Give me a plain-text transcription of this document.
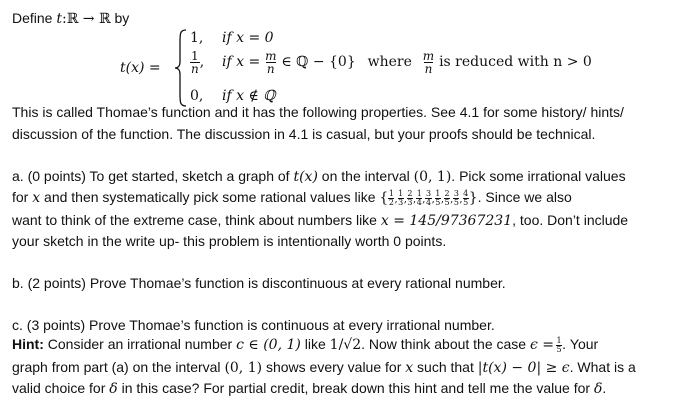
Define t:ℝ → ℝ by
t(x) =
1, if x = 0
$\frac{1}{n}$ , if $x = \frac{m}{n}$ ∈ ℚ − {0} where $\frac{m}{n}$ is reduced with n > 0
0, if x ∉ ℚ
This is called Thomae’s function and it has the following properties. See 4.1 for some history/ hints/
discussion of the function. The discussion in 4.1 is casual, but your proofs should be technical.
a. (0 points) To get started, sketch a graph of t(x) on the interval (0, 1). Pick some irrational values
for x and then systematically pick some rational values like { $\frac{1}{2}$ , $\frac{1}{3}$ , $\frac{2}{3}$ , $\frac{1}{4}$ , $\frac{3}{4}$ , $\frac{1}{5}$ , $\frac{2}{5}$ , $\frac{3}{5}$ , $\frac{4}{5}$ }. Since we also
want to think of the extreme case, think about numbers like x = 145/97367231, too. Don’t include
your sketch in the write up- this problem is intentionally worth 0 points.
b. (2 points) Prove Thomae’s function is discontinuous at every rational number.
c. (3 points) Prove Thomae’s function is continuous at every irrational number.
Hint: Consider an irrational number c ∈ (0, 1) like 1/√2. Now think about the case $\epsilon = \frac{1}{5}$ . Your
graph from part (a) on the interval (0, 1) shows every value for x such that |t(x) − 0| ≥ ϵ. What is a
valid choice for δ in this case? For partial credit, break down this hint and tell me the value for δ.
